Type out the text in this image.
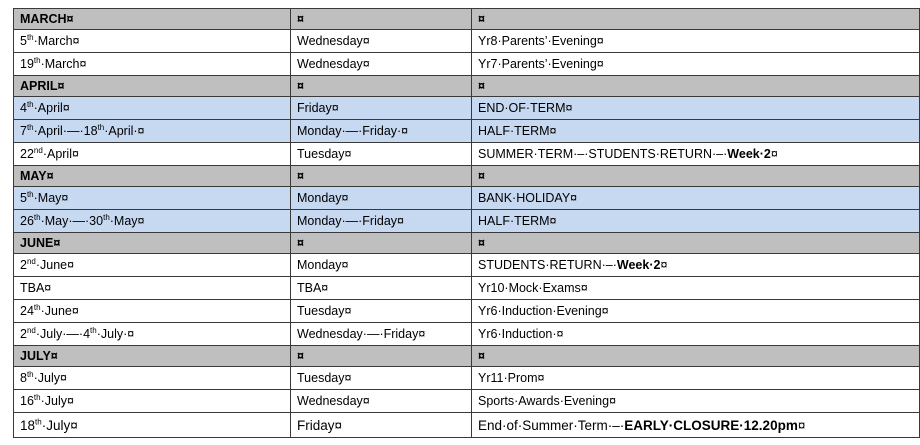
MARCH¤	¤	¤
5th·March¤	Wednesday¤	Yr8·Parents’·Evening¤
19th·March¤	Wednesday¤	Yr7·Parents’·Evening¤
APRIL¤	¤	¤
4th·April¤	Friday¤	END·OF·TERM¤
7th·April·—·18th·April·¤	Monday·—·Friday·¤	HALF·TERM¤
22nd·April¤	Tuesday¤	SUMMER·TERM·–·STUDENTS·RETURN·–·Week·2¤
MAY¤	¤	¤
5th·May¤	Monday¤	BANK·HOLIDAY¤
26th·May·—·30th·May¤	Monday·—·Friday¤	HALF·TERM¤
JUNE¤	¤	¤
2nd·June¤	Monday¤	STUDENTS·RETURN·–·Week·2¤
TBA¤	TBA¤	Yr10·Mock·Exams¤
24th·June¤	Tuesday¤	Yr6·Induction·Evening¤
2nd·July·—·4th·July·¤	Wednesday·—·Friday¤	Yr6·Induction·¤
JULY¤	¤	¤
8th·July¤	Tuesday¤	Yr11·Prom¤
16th·July¤	Wednesday¤	Sports·Awards·Evening¤
18th·July¤	Friday¤	End·of·Summer·Term·–·EARLY·CLOSURE·12.20pm¤
